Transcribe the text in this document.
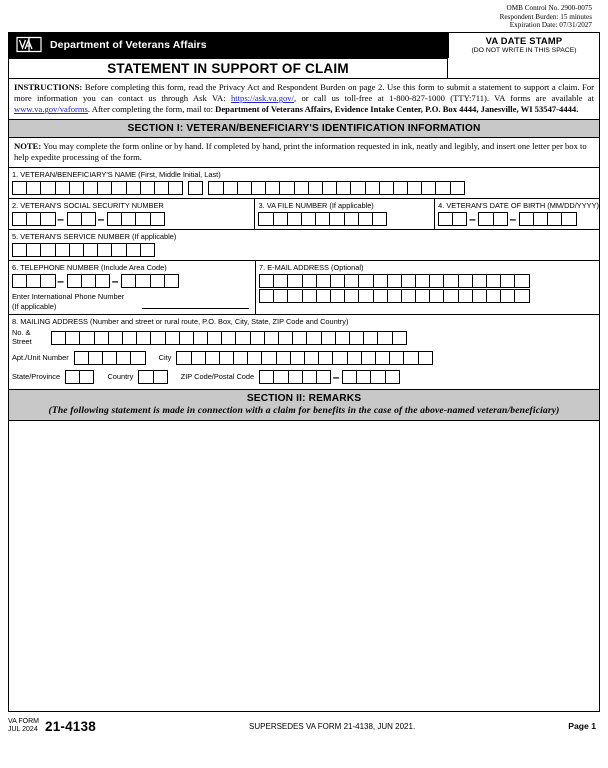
OMB Control No. 2900-0075
Respondent Burden: 15 minutes
Expiration Date: 07/31/2027
Department of Veterans Affairs	VA DATE STAMP
(DO NOT WRITE IN THIS SPACE)
STATEMENT IN SUPPORT OF CLAIM
INSTRUCTIONS: Before completing this form, read the Privacy Act and Respondent Burden on page 2. Use this form to submit a statement to support a claim. For more information you can contact us through Ask VA: https://ask.va.gov/, or call us toll-free at 1-800-827-1000 (TTY:711). VA forms are available at www.va.gov/vaforms. After completing the form, mail to: Department of Veterans Affairs, Evidence Intake Center, P.O. Box 4444, Janesville, WI 53547-4444.
SECTION I: VETERAN/BENEFICIARY'S IDENTIFICATION INFORMATION
NOTE: You may complete the form online or by hand. If completed by hand, print the information requested in ink, neatly and legibly, and insert one letter per box to help expedite processing of the form.
1. VETERAN/BENEFICIARY'S NAME (First, Middle Initial, Last)
2. VETERAN'S SOCIAL SECURITY NUMBER
–	–
3. VA FILE NUMBER (If applicable)	4. VETERAN'S DATE OF BIRTH (MM/DD/YYYY)
–	–
5. VETERAN'S SERVICE NUMBER (If applicable)
6. TELEPHONE NUMBER (Include Area Code)
–	–
Enter International Phone Number
(If applicable)
7. E-MAIL ADDRESS (Optional)
8. MAILING ADDRESS (Number and street or rural route, P.O. Box, City, State, ZIP Code and Country)
No. &
Street
Apt./Unit Number	City
State/Province	Country	ZIP Code/Postal Code	–
SECTION II: REMARKS
(The following statement is made in connection with a claim for benefits in the case of the above-named veteran/beneficiary)
VA FORM
JUL 2024 21-4138	SUPERSEDES VA FORM 21-4138, JUN 2021.	Page 1
